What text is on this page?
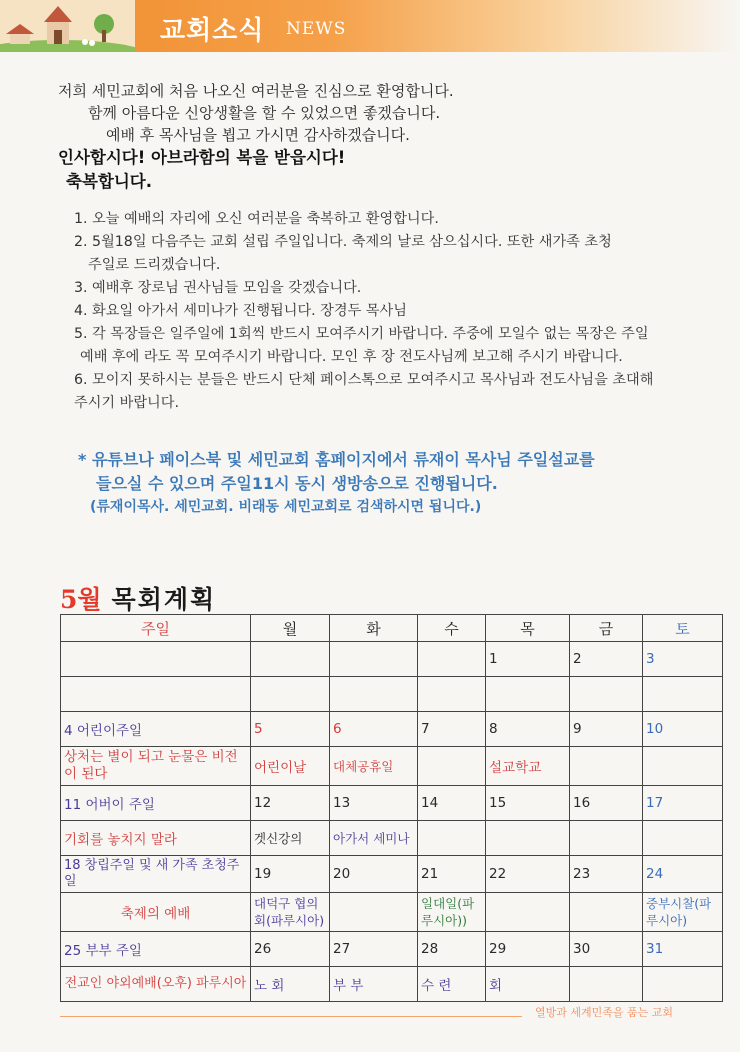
교회소식 NEWS

저희 세민교회에 처음 나오신 여러분을 진심으로 환영합니다.

함께 아름다운 신앙생활을 할 수 있었으면 좋겠습니다.

예배 후 목사님을 뵙고 가시면 감사하겠습니다.

인사합시다! 아브라함의 복을 받읍시다!

축복합니다.

1. 오늘 예배의 자리에 오신 여러분을 축복하고 환영합니다.

2. 5월18일 다음주는 교회 설립 주일입니다. 축제의 날로 삼으십시다. 또한 새가족 초청

주일로 드리겠습니다.

3. 예배후 장로님 권사님들 모임을 갖겠습니다.

4. 화요일 아가서 세미나가 진행됩니다. 장경두 목사님

5. 각 목장들은 일주일에 1회씩 반드시 모여주시기 바랍니다. 주중에 모일수 없는 목장은 주일

예배 후에 라도 꼭 모여주시기 바랍니다. 모인 후 장 전도사님께 보고해 주시기 바랍니다.

6. 모이지 못하시는 분들은 반드시 단체 페이스톡으로 모여주시고 목사님과 전도사님을 초대해

주시기 바랍니다.

* 유튜브나 페이스북 및 세민교회 홈페이지에서 류재이 목사님 주일설교를

들으실 수 있으며 주일11시 동시 생방송으로 진행됩니다.

(류재이목사. 세민교회. 비래동 세민교회로 검색하시면 됩니다.)

5월 목회계획
주일	월	화	수	목	금	토
				1	2	3

4 어린이주일	5	6	7	8	9	10
상처는 별이 되고 눈물은 비전이 된다	어린이날	대체공휴일		설교학교		
11 어버이 주일	12	13	14	15	16	17
기회를 놓치지 말라	겟신강의	아가서 세미나				
18 창립주일 및 새 가족 초청주일	19	20	21	22	23	24
축제의 예배	대덕구 협의회(파루시아)		일대일(파루시아))			중부시찰(파루시아)
25 부부 주일	26	27	28	29	30	31
전교인 야외예배(오후) 파루시아	노 회	부 부	수 련	회		
열방과 세계민족을 품는 교회
